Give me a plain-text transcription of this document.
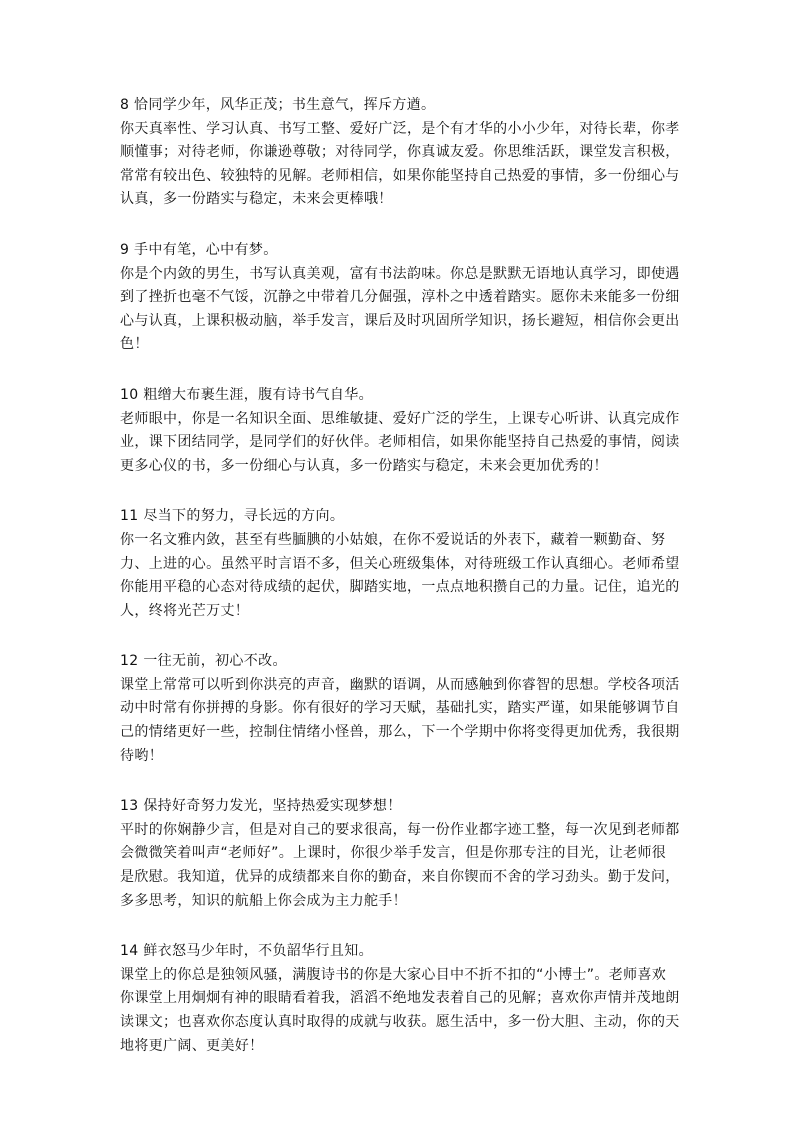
8 恰同学少年，风华正茂；书生意气，挥斥方遒。

你天真率性、学习认真、书写工整、爱好广泛，是个有才华的小小少年，对待长辈，你孝顺懂事；对待老师，你谦逊尊敬；对待同学，你真诚友爱。你思维活跃，课堂发言积极，常常有较出色、较独特的见解。老师相信，如果你能坚持自己热爱的事情，多一份细心与认真，多一份踏实与稳定，未来会更棒哦！

9 手中有笔，心中有梦。

你是个内敛的男生，书写认真美观，富有书法韵味。你总是默默无语地认真学习，即使遇到了挫折也毫不气馁，沉静之中带着几分倔强，淳朴之中透着踏实。愿你未来能多一份细心与认真，上课积极动脑，举手发言，课后及时巩固所学知识，扬长避短，相信你会更出色！

10 粗缯大布裹生涯，腹有诗书气自华。

老师眼中，你是一名知识全面、思维敏捷、爱好广泛的学生，上课专心听讲、认真完成作业，课下团结同学，是同学们的好伙伴。老师相信，如果你能坚持自己热爱的事情，阅读更多心仪的书，多一份细心与认真，多一份踏实与稳定，未来会更加优秀的！

11 尽当下的努力，寻长远的方向。

你一名文雅内敛，甚至有些腼腆的小姑娘，在你不爱说话的外表下，藏着一颗勤奋、努力、上进的心。虽然平时言语不多，但关心班级集体，对待班级工作认真细心。老师希望你能用平稳的心态对待成绩的起伏，脚踏实地，一点点地积攒自己的力量。记住，追光的人，终将光芒万丈！

12 一往无前，初心不改。

课堂上常常可以听到你洪亮的声音，幽默的语调，从而感触到你睿智的思想。学校各项活动中时常有你拼搏的身影。你有很好的学习天赋，基础扎实，踏实严谨，如果能够调节自己的情绪更好一些，控制住情绪小怪兽，那么，下一个学期中你将变得更加优秀，我很期待哟！

13 保持好奇努力发光，坚持热爱实现梦想！

平时的你娴静少言，但是对自己的要求很高，每一份作业都字迹工整，每一次见到老师都会微微笑着叫声“老师好”。上课时，你很少举手发言，但是你那专注的目光，让老师很是欣慰。我知道，优异的成绩都来自你的勤奋，来自你锲而不舍的学习劲头。勤于发问，多多思考，知识的航船上你会成为主力舵手！

14 鲜衣怒马少年时，不负韶华行且知。

课堂上的你总是独领风骚，满腹诗书的你是大家心目中不折不扣的“小博士”。老师喜欢你课堂上用炯炯有神的眼睛看着我，滔滔不绝地发表着自己的见解；喜欢你声情并茂地朗读课文；也喜欢你态度认真时取得的成就与收获。愿生活中，多一份大胆、主动，你的天地将更广阔、更美好！
